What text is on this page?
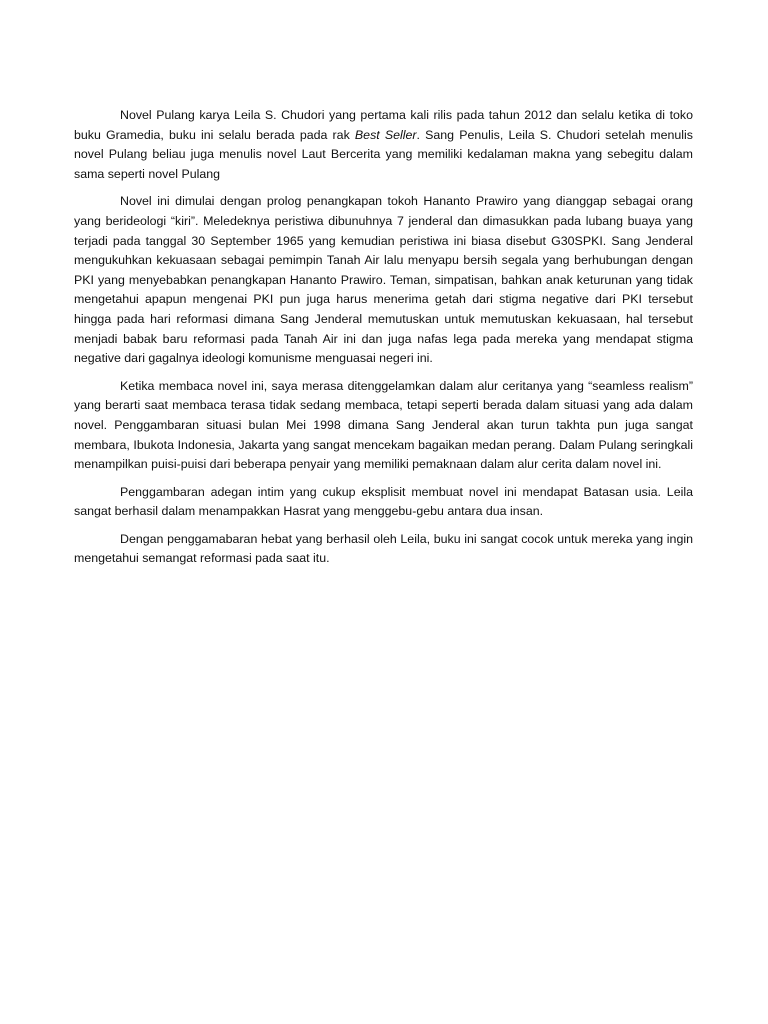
Novel Pulang karya Leila S. Chudori yang pertama kali rilis pada tahun 2012 dan selalu ketika di toko buku Gramedia, buku ini selalu berada pada rak Best Seller. Sang Penulis, Leila S. Chudori setelah menulis novel Pulang beliau juga menulis novel Laut Bercerita yang memiliki kedalaman makna yang sebegitu dalam sama seperti novel Pulang

Novel ini dimulai dengan prolog penangkapan tokoh Hananto Prawiro yang dianggap sebagai orang yang berideologi “kiri”. Meledeknya peristiwa dibunuhnya 7 jenderal dan dimasukkan pada lubang buaya yang terjadi pada tanggal 30 September 1965 yang kemudian peristiwa ini biasa disebut G30SPKI. Sang Jenderal mengukuhkan kekuasaan sebagai pemimpin Tanah Air lalu menyapu bersih segala yang berhubungan dengan PKI yang menyebabkan penangkapan Hananto Prawiro. Teman, simpatisan, bahkan anak keturunan yang tidak mengetahui apapun mengenai PKI pun juga harus menerima getah dari stigma negative dari PKI tersebut hingga pada hari reformasi dimana Sang Jenderal memutuskan untuk memutuskan kekuasaan, hal tersebut menjadi babak baru reformasi pada Tanah Air ini dan juga nafas lega pada mereka yang mendapat stigma negative dari gagalnya ideologi komunisme menguasai negeri ini.

Ketika membaca novel ini, saya merasa ditenggelamkan dalam alur ceritanya yang “seamless realism” yang berarti saat membaca terasa tidak sedang membaca, tetapi seperti berada dalam situasi yang ada dalam novel. Penggambaran situasi bulan Mei 1998 dimana Sang Jenderal akan turun takhta pun juga sangat membara, Ibukota Indonesia, Jakarta yang sangat mencekam bagaikan medan perang. Dalam Pulang seringkali menampilkan puisi-puisi dari beberapa penyair yang memiliki pemaknaan dalam alur cerita dalam novel ini.

Penggambaran adegan intim yang cukup eksplisit membuat novel ini mendapat Batasan usia. Leila sangat berhasil dalam menampakkan Hasrat yang menggebu-gebu antara dua insan.

Dengan penggamabaran hebat yang berhasil oleh Leila, buku ini sangat cocok untuk mereka yang ingin mengetahui semangat reformasi pada saat itu.
